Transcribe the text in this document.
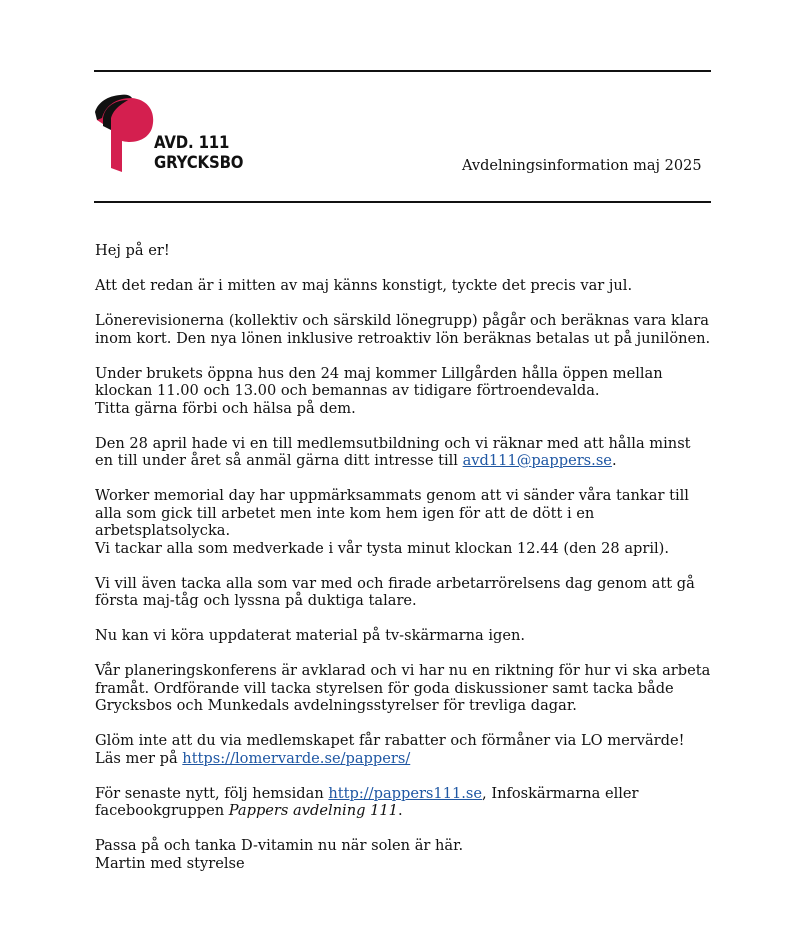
AVD. 111
GRYCKSBO	Avdelningsinformation maj 2025

Hej på er!

Att det redan är i mitten av maj känns konstigt, tyckte det precis var jul.

Lönerevisionerna (kollektiv och särskild lönegrupp) pågår och beräknas vara klara
inom kort. Den nya lönen inklusive retroaktiv lön beräknas betalas ut på junilönen.

Under brukets öppna hus den 24 maj kommer Lillgården hålla öppen mellan
klockan 11.00 och 13.00 och bemannas av tidigare förtroendevalda.
Titta gärna förbi och hälsa på dem.

Den 28 april hade vi en till medlemsutbildning och vi räknar med att hålla minst
en till under året så anmäl gärna ditt intresse till avd111@pappers.se.

Worker memorial day har uppmärksammats genom att vi sänder våra tankar till
alla som gick till arbetet men inte kom hem igen för att de dött i en
arbetsplatsolycka.
Vi tackar alla som medverkade i vår tysta minut klockan 12.44 (den 28 april).

Vi vill även tacka alla som var med och firade arbetarrörelsens dag genom att gå
första maj-tåg och lyssna på duktiga talare.

Nu kan vi köra uppdaterat material på tv-skärmarna igen.

Vår planeringskonferens är avklarad och vi har nu en riktning för hur vi ska arbeta
framåt. Ordförande vill tacka styrelsen för goda diskussioner samt tacka både
Grycksbos och Munkedals avdelningsstyrelser för trevliga dagar.

Glöm inte att du via medlemskapet får rabatter och förmåner via LO mervärde!
Läs mer på https://lomervarde.se/pappers/

För senaste nytt, följ hemsidan http://pappers111.se, Infoskärmarna eller
facebookgruppen Pappers avdelning 111.

Passa på och tanka D-vitamin nu när solen är här.
Martin med styrelse
